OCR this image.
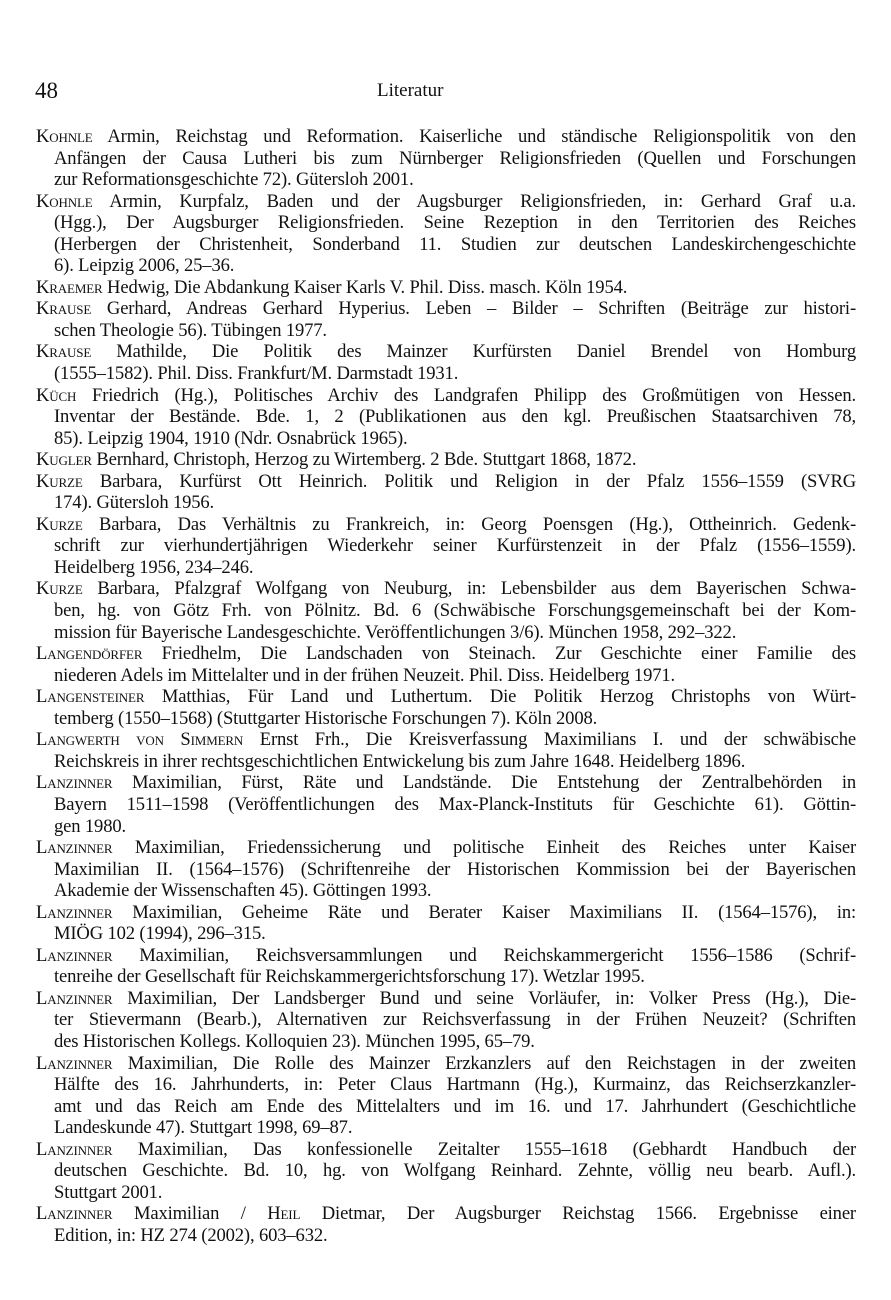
48	Literatur
Kohnle Armin, Reichstag und Reformation. Kaiserliche und ständische Religionspolitik von den
Anfängen der Causa Lutheri bis zum Nürnberger Religionsfrieden (Quellen und Forschungen
zur Reformationsgeschichte 72). Gütersloh 2001.
Kohnle Armin, Kurpfalz, Baden und der Augsburger Religionsfrieden, in: Gerhard Graf u.a.
(Hgg.), Der Augsburger Religionsfrieden. Seine Rezeption in den Territorien des Reiches
(Herbergen der Christenheit, Sonderband 11. Studien zur deutschen Landeskirchengeschichte
6). Leipzig 2006, 25–36.
Kraemer Hedwig, Die Abdankung Kaiser Karls V. Phil. Diss. masch. Köln 1954.
Krause Gerhard, Andreas Gerhard Hyperius. Leben – Bilder – Schriften (Beiträge zur histori-
schen Theologie 56). Tübingen 1977.
Krause Mathilde, Die Politik des Mainzer Kurfürsten Daniel Brendel von Homburg
(1555–1582). Phil. Diss. Frankfurt/M. Darmstadt 1931.
Küch Friedrich (Hg.), Politisches Archiv des Landgrafen Philipp des Großmütigen von Hessen.
Inventar der Bestände. Bde. 1, 2 (Publikationen aus den kgl. Preußischen Staatsarchiven 78,
85). Leipzig 1904, 1910 (Ndr. Osnabrück 1965).
Kugler Bernhard, Christoph, Herzog zu Wirtemberg. 2 Bde. Stuttgart 1868, 1872.
Kurze Barbara, Kurfürst Ott Heinrich. Politik und Religion in der Pfalz 1556–1559 (SVRG
174). Gütersloh 1956.
Kurze Barbara, Das Verhältnis zu Frankreich, in: Georg Poensgen (Hg.), Ottheinrich. Gedenk-
schrift zur vierhundertjährigen Wiederkehr seiner Kurfürstenzeit in der Pfalz (1556–1559).
Heidelberg 1956, 234–246.
Kurze Barbara, Pfalzgraf Wolfgang von Neuburg, in: Lebensbilder aus dem Bayerischen Schwa-
ben, hg. von Götz Frh. von Pölnitz. Bd. 6 (Schwäbische Forschungsgemeinschaft bei der Kom-
mission für Bayerische Landesgeschichte. Veröffentlichungen 3/6). München 1958, 292–322.
Langendörfer Friedhelm, Die Landschaden von Steinach. Zur Geschichte einer Familie des
niederen Adels im Mittelalter und in der frühen Neuzeit. Phil. Diss. Heidelberg 1971.
Langensteiner Matthias, Für Land und Luthertum. Die Politik Herzog Christophs von Würt-
temberg (1550–1568) (Stuttgarter Historische Forschungen 7). Köln 2008.
Langwerth von Simmern Ernst Frh., Die Kreisverfassung Maximilians I. und der schwäbische
Reichskreis in ihrer rechtsgeschichtlichen Entwickelung bis zum Jahre 1648. Heidelberg 1896.
Lanzinner Maximilian, Fürst, Räte und Landstände. Die Entstehung der Zentralbehörden in
Bayern 1511–1598 (Veröffentlichungen des Max-Planck-Instituts für Geschichte 61). Göttin-
gen 1980.
Lanzinner Maximilian, Friedenssicherung und politische Einheit des Reiches unter Kaiser
Maximilian II. (1564–1576) (Schriftenreihe der Historischen Kommission bei der Bayerischen
Akademie der Wissenschaften 45). Göttingen 1993.
Lanzinner Maximilian, Geheime Räte und Berater Kaiser Maximilians II. (1564–1576), in:
MIÖG 102 (1994), 296–315.
Lanzinner Maximilian, Reichsversammlungen und Reichskammergericht 1556–1586 (Schrif-
tenreihe der Gesellschaft für Reichskammergerichtsforschung 17). Wetzlar 1995.
Lanzinner Maximilian, Der Landsberger Bund und seine Vorläufer, in: Volker Press (Hg.), Die-
ter Stievermann (Bearb.), Alternativen zur Reichsverfassung in der Frühen Neuzeit? (Schriften
des Historischen Kollegs. Kolloquien 23). München 1995, 65–79.
Lanzinner Maximilian, Die Rolle des Mainzer Erzkanzlers auf den Reichstagen in der zweiten
Hälfte des 16. Jahrhunderts, in: Peter Claus Hartmann (Hg.), Kurmainz, das Reichserzkanzler-
amt und das Reich am Ende des Mittelalters und im 16. und 17. Jahrhundert (Geschichtliche
Landeskunde 47). Stuttgart 1998, 69–87.
Lanzinner Maximilian, Das konfessionelle Zeitalter 1555–1618 (Gebhardt Handbuch der
deutschen Geschichte. Bd. 10, hg. von Wolfgang Reinhard. Zehnte, völlig neu bearb. Aufl.).
Stuttgart 2001.
Lanzinner Maximilian / Heil Dietmar, Der Augsburger Reichstag 1566. Ergebnisse einer
Edition, in: HZ 274 (2002), 603–632.
